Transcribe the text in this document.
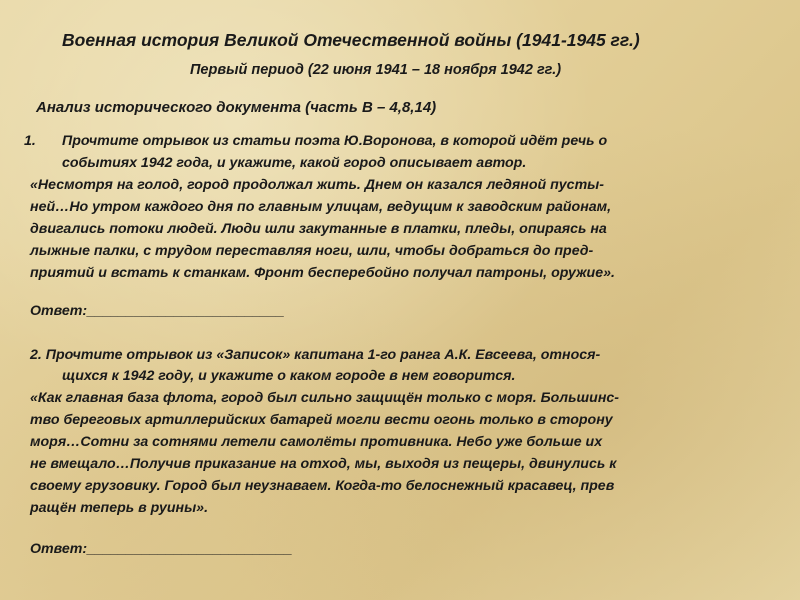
Военная история Великой Отечественной войны (1941-1945 гг.)
Первый период (22 июня 1941 – 18 ноября 1942 гг.)
Анализ исторического документа (часть В – 4,8,14)
1. Прочтите отрывок из статьи поэта Ю.Воронова, в которой идёт речь о
событиях 1942 года, и укажите, какой город описывает автор.
«Несмотря на голод, город продолжал жить. Днем он казался ледяной пусты-
ней…Но утром каждого дня по главным улицам, ведущим к заводским районам,
двигались потоки людей. Люди шли закутанные в платки, пледы, опираясь на
лыжные палки, с трудом переставляя ноги, шли, чтобы добраться до пред-
приятий и встать к станкам. Фронт бесперебойно получал патроны, оружие».
Ответ:_________________________
2. Прочтите отрывок из «Записок» капитана 1-го ранга А.К. Евсеева, относя-
щихся к 1942 году, и укажите о каком городе в нем говорится.
«Как главная база флота, город был сильно защищён только с моря. Большинс-
тво береговых артиллерийских батарей могли вести огонь только в сторону
моря…Сотни за сотнями летели самолёты противника. Небо уже больше их
не вмещало…Получив приказание на отход, мы, выходя из пещеры, двинулись к
своему грузовику. Город был неузнаваем. Когда-то белоснежный красавец, прев
ращён теперь в руины».
Ответ:__________________________
